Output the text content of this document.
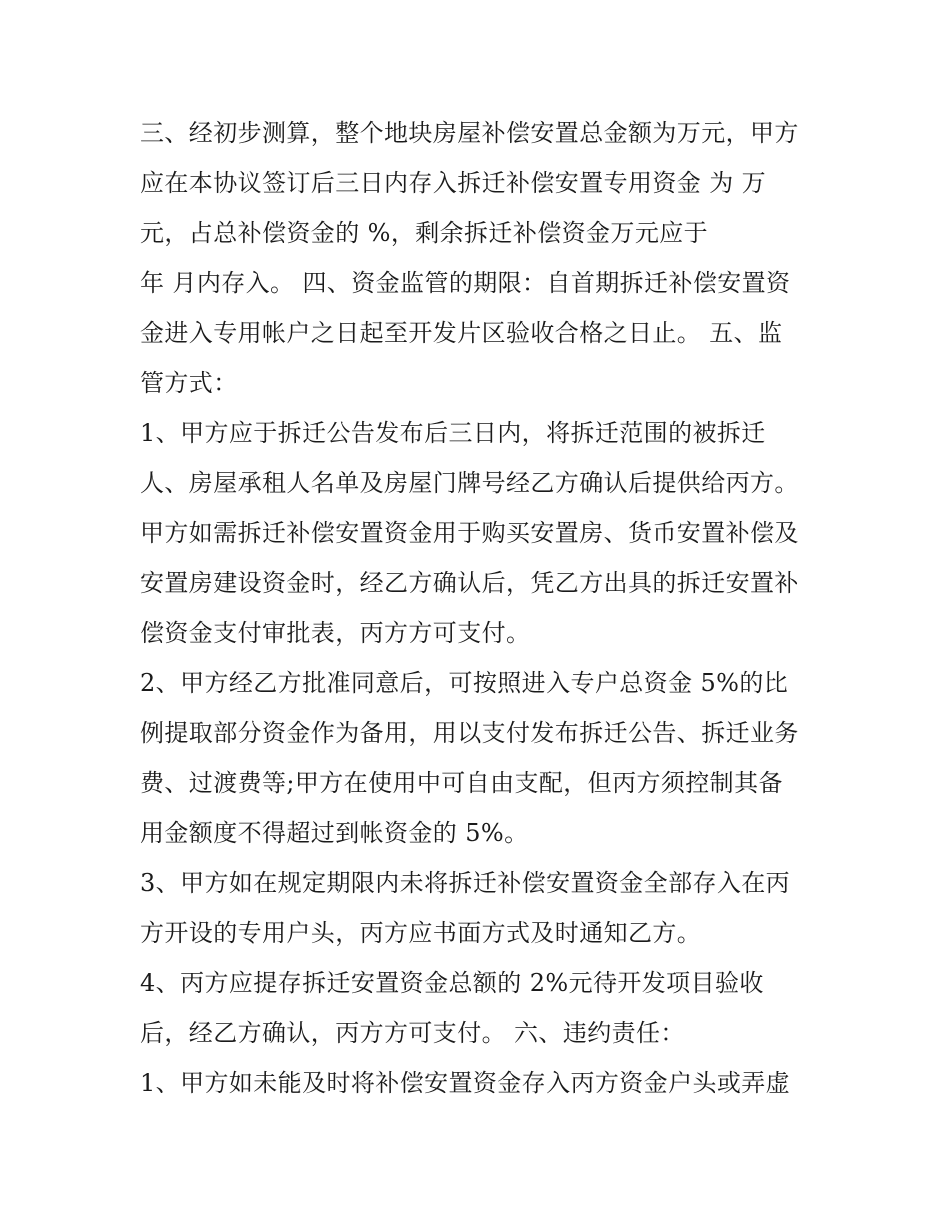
三、经初步测算，整个地块房屋补偿安置总金额为万元，甲方
应在本协议签订后三日内存入拆迁补偿安置专用资金 为 万
元，占总补偿资金的 %，剩余拆迁补偿资金万元应于
年 月内存入。 四、资金监管的期限：自首期拆迁补偿安置资
金进入专用帐户之日起至开发片区验收合格之日止。 五、监
管方式：
1、甲方应于拆迁公告发布后三日内，将拆迁范围的被拆迁
人、房屋承租人名单及房屋门牌号经乙方确认后提供给丙方。
甲方如需拆迁补偿安置资金用于购买安置房、货币安置补偿及
安置房建设资金时，经乙方确认后，凭乙方出具的拆迁安置补
偿资金支付审批表，丙方方可支付。
2、甲方经乙方批准同意后，可按照进入专户总资金 5%的比
例提取部分资金作为备用，用以支付发布拆迁公告、拆迁业务
费、过渡费等;甲方在使用中可自由支配，但丙方须控制其备
用金额度不得超过到帐资金的 5%。
3、甲方如在规定期限内未将拆迁补偿安置资金全部存入在丙
方开设的专用户头，丙方应书面方式及时通知乙方。
4、丙方应提存拆迁安置资金总额的 2%元待开发项目验收
后，经乙方确认，丙方方可支付。 六、违约责任：
1、甲方如未能及时将补偿安置资金存入丙方资金户头或弄虚
